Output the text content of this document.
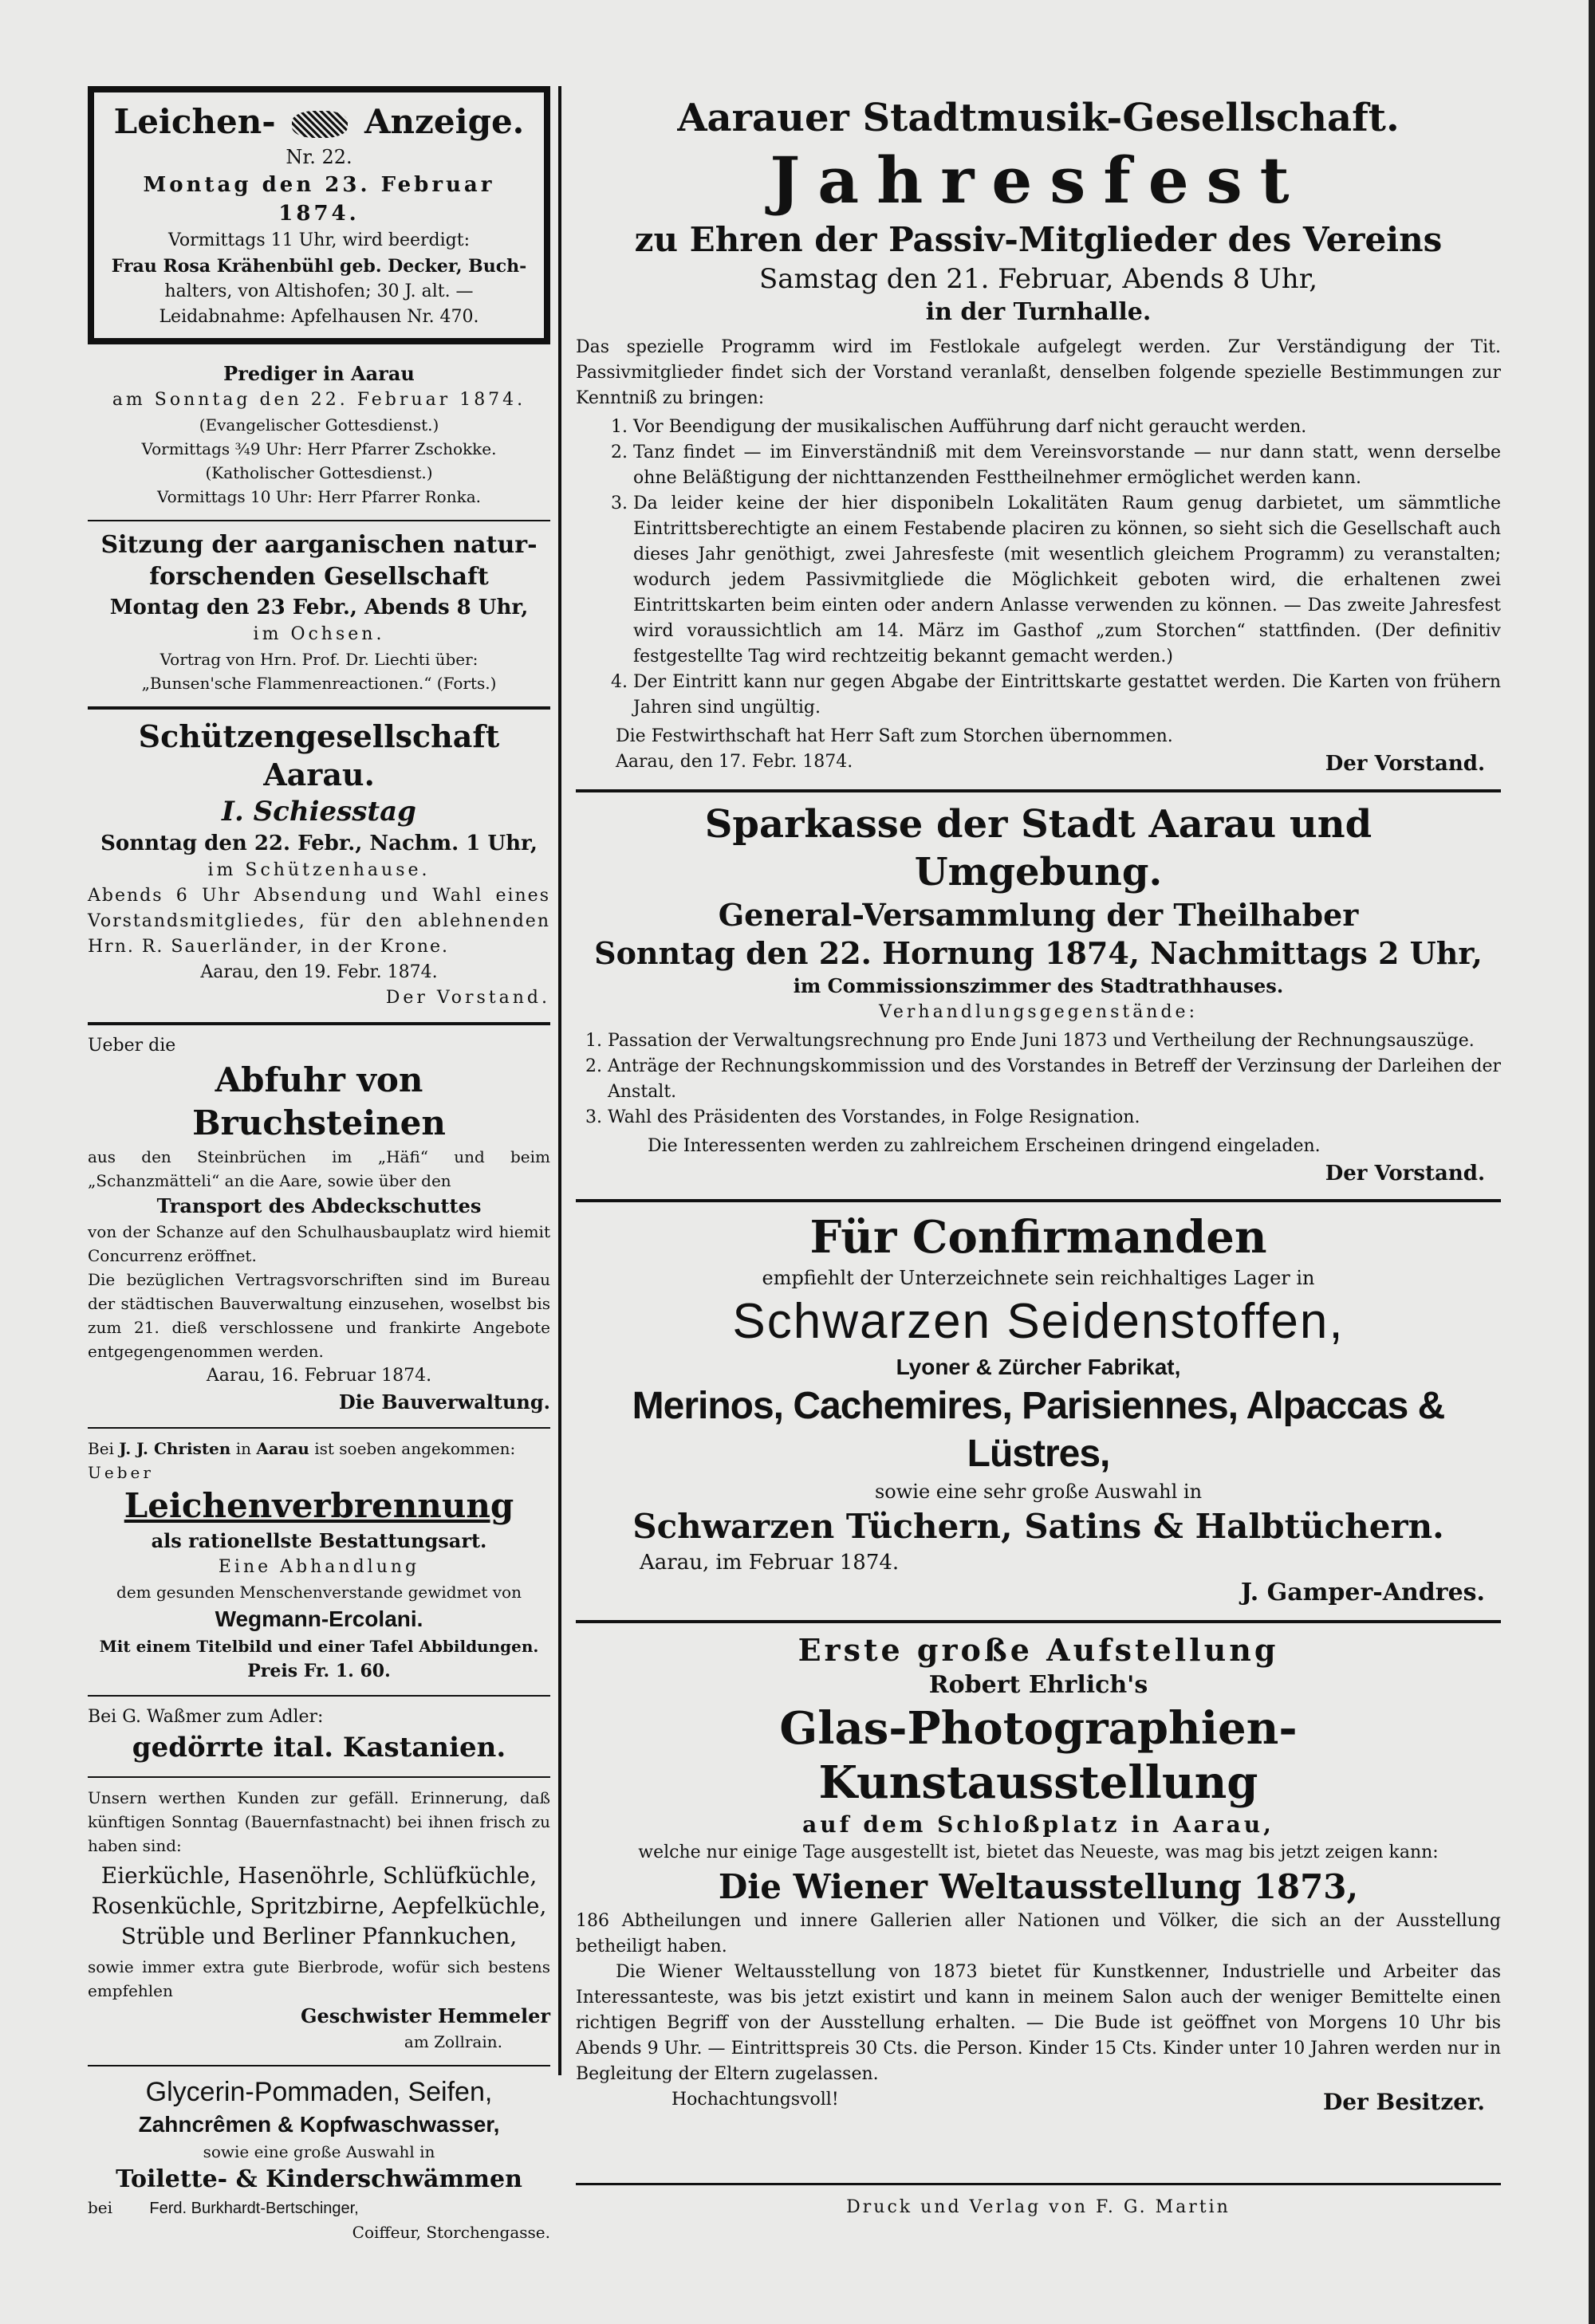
Leichen-	Anzeige.
Nr. 22.
Montag den 23. Februar 1874.
Vormittags 11 Uhr, wird beerdigt:
Frau Rosa Krähenbühl geb. Decker, Buch-
halters, von Altishofen; 30 J. alt. —
Leidabnahme: Apfelhausen Nr. 470.
Prediger in Aarau
am Sonntag den 22. Februar 1874.
(Evangelischer Gottesdienst.)
Vormittags ¾9 Uhr: Herr Pfarrer Zschokke.
(Katholischer Gottesdienst.)
Vormittags 10 Uhr: Herr Pfarrer Ronka.
Sitzung der aarganischen natur-
forschenden Gesellschaft
Montag den 23 Febr., Abends 8 Uhr,
im Ochsen.
Vortrag von Hrn. Prof. Dr. Liechti über:
„Bunsen'sche Flammenreactionen.“ (Forts.)
Schützengesellschaft Aarau.
I. Schiesstag
Sonntag den 22. Febr., Nachm. 1 Uhr,
im Schützenhause.
Abends 6 Uhr Absendung und Wahl eines Vorstandsmitgliedes, für den ablehnenden Hrn. R. Sauerländer, in der Krone.
Aarau, den 19. Febr. 1874.
Der Vorstand.
Ueber die
Abfuhr von Bruchsteinen
aus den Steinbrüchen im „Häfi“ und beim „Schanzmätteli“ an die Aare, sowie über den
Transport des Abdeckschuttes
von der Schanze auf den Schulhausbauplatz wird hiemit Concurrenz eröffnet.
Die bezüglichen Vertragsvorschriften sind im Bureau der städtischen Bauverwaltung einzusehen, woselbst bis zum 21. dieß verschlossene und frankirte Angebote entgegengenommen werden.
Aarau, 16. Februar 1874.
Die Bauverwaltung.
Bei J. J. Christen in Aarau ist soeben angekommen: Ueber
Leichenverbrennung
als rationellste Bestattungsart.
Eine Abhandlung
dem gesunden Menschenverstande gewidmet von
Wegmann-Ercolani.
Mit einem Titelbild und einer Tafel Abbildungen.
Preis Fr. 1. 60.
Bei G. Waßmer zum Adler:
gedörrte ital. Kastanien.
Unsern werthen Kunden zur gefäll. Erinnerung, daß künftigen Sonntag (Bauernfastnacht) bei ihnen frisch zu haben sind:
Eierküchle, Hasenöhrle, Schlüfküchle, Rosenküchle, Spritzbirne, Aepfelküchle, Strüble und Berliner Pfannkuchen,
sowie immer extra gute Bierbrode, wofür sich bestens empfehlen
Geschwister Hemmeler
am Zollrain.
Glycerin-Pommaden, Seifen,
Zahncrêmen & Kopfwaschwasser,
sowie eine große Auswahl in
Toilette- & Kinderschwämmen
bei Ferd. Burkhardt-Bertschinger,
Coiffeur, Storchengasse.
Aarauer Stadtmusik-Gesellschaft.
Jahresfest
zu Ehren der Passiv-Mitglieder des Vereins
Samstag den 21. Februar, Abends 8 Uhr,
in der Turnhalle.
Das spezielle Programm wird im Festlokale aufgelegt werden. Zur Verständigung der Tit. Passivmitglieder findet sich der Vorstand veranlaßt, denselben folgende spezielle Bestimmungen zur Kenntniß zu bringen:
1. Vor Beendigung der musikalischen Aufführung darf nicht geraucht werden.
2. Tanz findet — im Einverständniß mit dem Vereinsvorstande — nur dann statt, wenn derselbe ohne Beläßtigung der nichttanzenden Festtheilnehmer ermöglichet werden kann.
3. Da leider keine der hier disponibeln Lokalitäten Raum genug darbietet, um sämmtliche Eintrittsberechtigte an einem Festabende placiren zu können, so sieht sich die Gesellschaft auch dieses Jahr genöthigt, zwei Jahresfeste (mit wesentlich gleichem Programm) zu veranstalten; wodurch jedem Passivmitgliede die Möglichkeit geboten wird, die erhaltenen zwei Eintrittskarten beim einten oder andern Anlasse verwenden zu können. — Das zweite Jahresfest wird voraussichtlich am 14. März im Gasthof „zum Storchen“ stattfinden. (Der definitiv festgestellte Tag wird rechtzeitig bekannt gemacht werden.)
4. Der Eintritt kann nur gegen Abgabe der Eintrittskarte gestattet werden. Die Karten von frühern Jahren sind ungültig.
Die Festwirthschaft hat Herr Saft zum Storchen übernommen.
Aarau, den 17. Febr. 1874.	Der Vorstand.
Sparkasse der Stadt Aarau und Umgebung.
General-Versammlung der Theilhaber
Sonntag den 22. Hornung 1874, Nachmittags 2 Uhr,
im Commissionszimmer des Stadtrathhauses.
Verhandlungsgegenstände:
1. Passation der Verwaltungsrechnung pro Ende Juni 1873 und Vertheilung der Rechnungsauszüge.
2. Anträge der Rechnungskommission und des Vorstandes in Betreff der Verzinsung der Darleihen der Anstalt.
3. Wahl des Präsidenten des Vorstandes, in Folge Resignation.
Die Interessenten werden zu zahlreichem Erscheinen dringend eingeladen.
Der Vorstand.
Für Confirmanden
empfiehlt der Unterzeichnete sein reichhaltiges Lager in
Schwarzen Seidenstoffen,
Lyoner & Zürcher Fabrikat,
Merinos, Cachemires, Parisiennes, Alpaccas & Lüstres,
sowie eine sehr große Auswahl in
Schwarzen Tüchern, Satins & Halbtüchern.
Aarau, im Februar 1874.
J. Gamper-Andres.
Erste große Aufstellung
Robert Ehrlich's
Glas-Photographien-Kunstausstellung
auf dem Schloßplatz in Aarau,
welche nur einige Tage ausgestellt ist, bietet das Neueste, was mag bis jetzt zeigen kann:
Die Wiener Weltausstellung 1873,
186 Abtheilungen und innere Gallerien aller Nationen und Völker, die sich an der Ausstellung betheiligt haben.
Die Wiener Weltausstellung von 1873 bietet für Kunstkenner, Industrielle und Arbeiter das Interessanteste, was bis jetzt existirt und kann in meinem Salon auch der weniger Bemittelte einen richtigen Begriff von der Ausstellung erhalten. — Die Bude ist geöffnet von Morgens 10 Uhr bis Abends 9 Uhr. — Eintrittspreis 30 Cts. die Person. Kinder 15 Cts. Kinder unter 10 Jahren werden nur in Begleitung der Eltern zugelassen.
Hochachtungsvoll!	Der Besitzer.
Druck und Verlag von F. G. Martin
